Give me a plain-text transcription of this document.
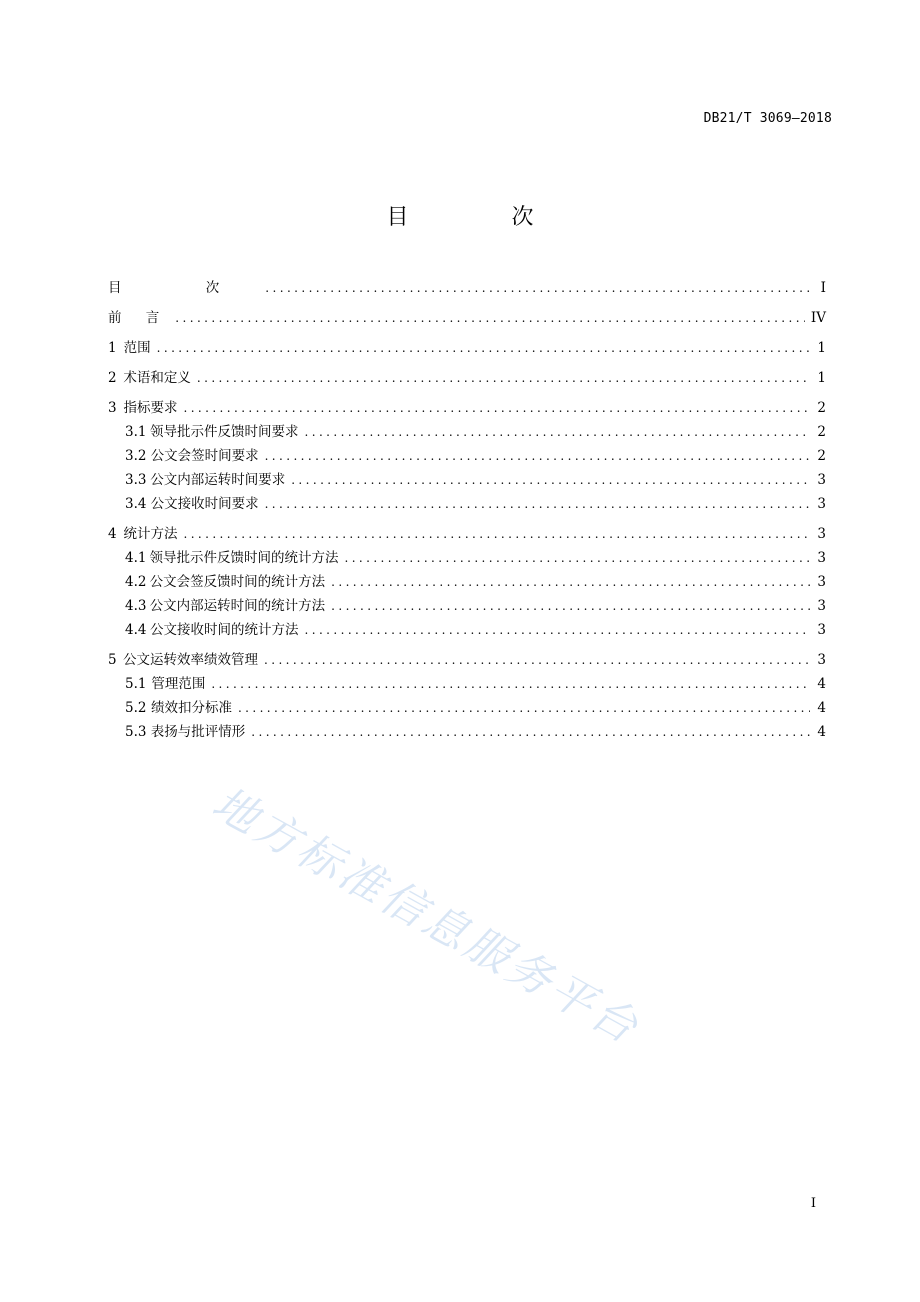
DB21/T 3069—2018
目 次
目 次 .....	I
前 言 .....	IV
1 范围 .....	1
2 术语和定义 .....	1
3 指标要求 .....	2
3.1 领导批示件反馈时间要求 .....	2
3.2 公文会签时间要求 .....	2
3.3 公文内部运转时间要求 .....	3
3.4 公文接收时间要求 .....	3
4 统计方法 .....	3
4.1 领导批示件反馈时间的统计方法 .....	3
4.2 公文会签反馈时间的统计方法 .....	3
4.3 公文内部运转时间的统计方法 .....	3
4.4 公文接收时间的统计方法 .....	3
5 公文运转效率绩效管理 .....	3
5.1 管理范围 .....	4
5.2 绩效扣分标准 .....	4
5.3 表扬与批评情形 .....	4
地方标准信息服务平台
I
